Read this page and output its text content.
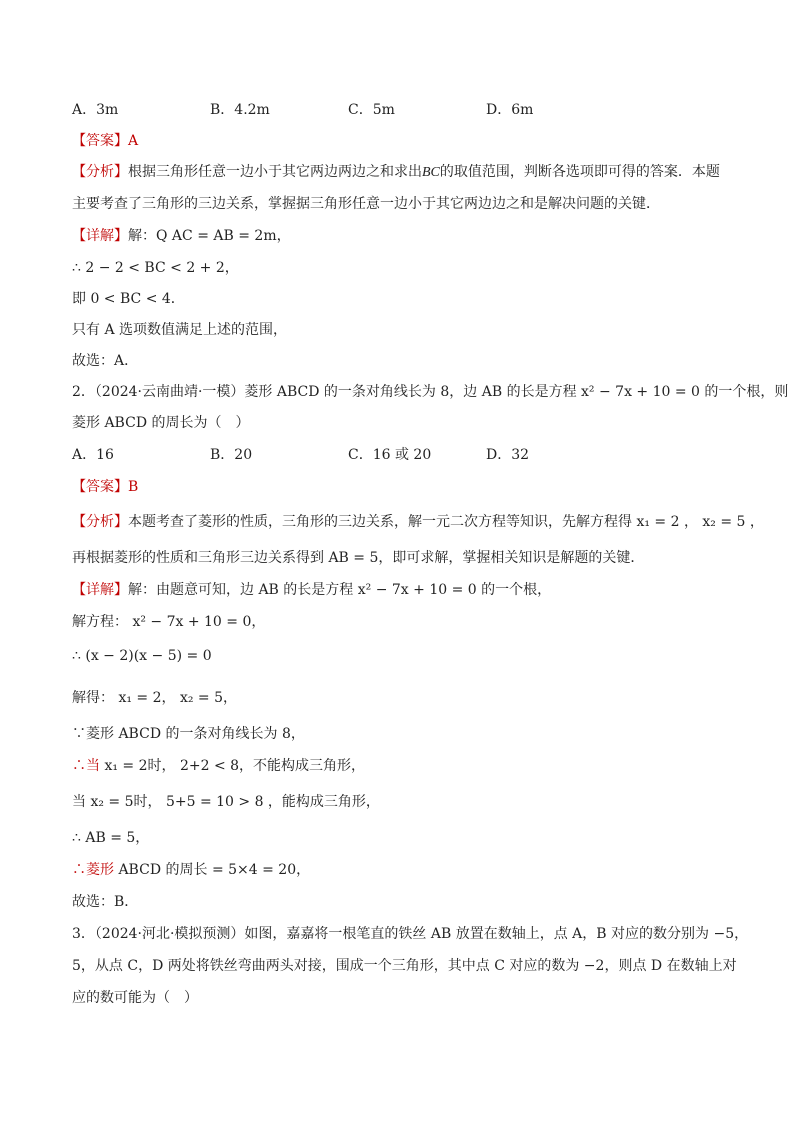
A．3m	B．4.2m	C．5m	D．6m
【答案】A
【分析】根据三角形任意一边小于其它两边两边之和求出BC的取值范围，判断各选项即可得的答案．本题
主要考查了三角形的三边关系，掌握据三角形任意一边小于其它两边边之和是解决问题的关键．
【详解】解：Q AC = AB = 2m，
∴ 2 − 2 < BC < 2 + 2，
即 0 < BC < 4．
只有 A 选项数值满足上述的范围，
故选：A．
2．（2024·云南曲靖·一模）菱形 ABCD 的一条对角线长为 8，边 AB 的长是方程 x² − 7x + 10 = 0 的一个根，则
菱形 ABCD 的周长为（　）
A．16	B．20	C．16 或 20	D．32
【答案】B
【分析】本题考查了菱形的性质，三角形的三边关系，解一元二次方程等知识，先解方程得 x₁ = 2 ， x₂ = 5 ，
再根据菱形的性质和三角形三边关系得到 AB = 5，即可求解，掌握相关知识是解题的关键．
【详解】解：由题意可知，边 AB 的长是方程 x² − 7x + 10 = 0 的一个根，
解方程： x² − 7x + 10 = 0，
∴ (x − 2)(x − 5) = 0
解得： x₁ = 2， x₂ = 5，
∵菱形 ABCD 的一条对角线长为 8，
∴当 x₁ = 2时， 2+2 < 8，不能构成三角形，
当 x₂ = 5时， 5+5 = 10 > 8 ，能构成三角形，
∴ AB = 5，
∴菱形 ABCD 的周长 = 5×4 = 20，
故选：B．
3．（2024·河北·模拟预测）如图，嘉嘉将一根笔直的铁丝 AB 放置在数轴上，点 A，B 对应的数分别为 −5，
5，从点 C，D 两处将铁丝弯曲两头对接，围成一个三角形，其中点 C 对应的数为 −2，则点 D 在数轴上对
应的数可能为（　）
